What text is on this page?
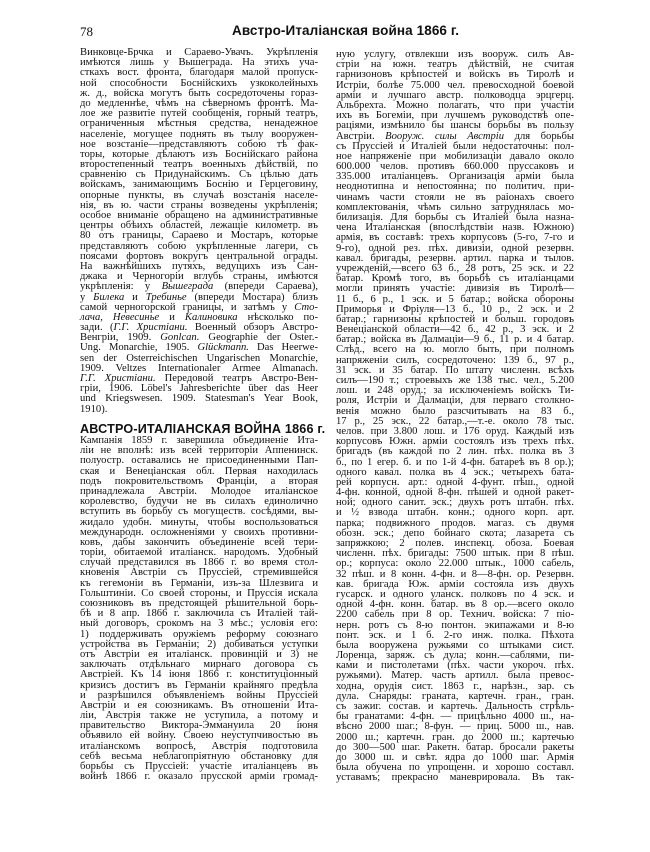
78	Австро-Италіанская война 1866 г.
Винковце-Брчка и Сараево-Увачъ. Укрѣпленія
имѣются лишь у Вышеграда. На этихъ уча-
сткахъ вост. фронта, благодаря малой пропуск-
ной способности Боснійскихъ узкоколейныхъ
ж. д., войска могутъ быть сосредоточены гораз-
до медленнѣе, чѣмъ на сѣверномъ фронтѣ. Ма-
лое же развитіе путей сообщенія, горный театръ,
ограниченныя мѣстныя средства, ненадежное
населеніе, могущее поднять въ тылу вооружен-
ное возстаніе—представляютъ собою тѣ фак-
торы, которые дѣлаютъ изъ Боснійскаго района
второстепенный театръ военныхъ дѣйствій, по
сравненію съ Придунайскимъ. Съ цѣлью дать
войскамъ, занимающимъ Боснію и Герцеговину,
опорные пункты, въ случаѣ возстанія населе-
нія, въ ю. части страны возведены укрѣпленія;
особое вниманіе обращено на административные
центры обѣихъ областей, лежащіе километр. въ
80 отъ границы, Сараево и Мостаръ, которые
представляютъ собою укрѣпленные лагери, съ
поясами фортовъ вокругъ центральной ограды.
На важнѣйшихъ путяхъ, ведущихъ изъ Сан-
джака и Черногоріи вглубь страны, имѣются
укрѣпленія: у Вышеграда (впереди Сараева),
у Билека и Требинье (впереди Мостара) близъ
самой черногорской границы, и затѣмъ у Сто-
лача, Невесинье и Калиновика нѣсколько по-
зади. (Г.Г. Христіани. Военный обзоръ Австро-
Венгріи, 1909. Gonlcan. Geographie der Oster.-
Ung. Monarchie, 1905. Glückmann. Das Heerwe-
sen der Osterreichischen Ungarischen Monarchie,
1909. Veltzes Internationaler Armee Almanach.
Г.Г. Христіани. Передовой театръ Австро-Вен-
гріи, 1906. Löbel's Jahresberichte über das Heer
und Kriegswesen. 1909. Statesman's Year Book,
1910).
АВСТРО-ИТАЛІАНСКАЯ ВОЙНА 1866 г.
Кампанія 1859 г. завершила объединеніе Ита-
ліи не вполнѣ: изъ всей территоріи Аппенинск.
полуостр. оставались не присоединенными Пап-
ская и Венеціанская обл. Первая находилась
подъ покровительствомъ Франціи, а вторая
принадлежала Австріи. Молодое италіанское
королевство, будучи не въ силахъ единолично
вступить въ борьбу съ могуществ. сосѣдями, вы-
жидало удобн. минуты, чтобы воспользоваться
международн. осложненіями у своихъ противни-
ковъ, дабы закончить объединеніе всей тери-
торіи, обитаемой италіанск. народомъ. Удобный
случай представился въ 1866 г. во время стол-
кновенія Австріи съ Пруссіей, стремившейся
къ гегемоніи въ Германіи, изъ-за Шлезвига и
Гольштиніи. Со своей стороны, и Пруссія искала
союзниковъ въ предстоящей рѣшительной борь-
бѣ и 8 апр. 1866 г. заключила съ Италіей тай-
ный договоръ, срокомъ на 3 мѣс.; условія его:
1) поддерживать оружіемъ реформу союзнаго
устройства въ Германіи; 2) добиваться уступки
отъ Австріи ея италіанск. провинцій и 3) не
заключать отдѣльнаго мирнаго договора съ
Австріей. Къ 14 іюня 1866 г. конституціонный
кризисъ достигъ въ Германіи крайняго предѣла
и разрѣшился объявленіемъ войны Пруссіей
Австріи и ея союзникамъ. Въ отношеніи Ита-
ліи, Австрія также не уступила, а потому и
правительство Виктора-Эммануила 20 іюня
объявило ей войну. Своею неуступчивостью въ
италіанскомъ вопросѣ, Австрія подготовила
себѣ весьма неблагопріятную обстановку для
борьбы съ Пруссіей: участіе италіанцевъ въ
войнѣ 1866 г. оказало прусской арміи громад-
ную услугу, отвлекши изъ вооруж. силъ Ав-
стріи на южн. театръ дѣйствій, не считая
гарнизоновъ крѣпостей и войскъ въ Тиролѣ и
Истріи, болѣе 75.000 чел. превосходной боевой
арміи и лучшаго австр. полководца эрцгерц.
Альбрехта. Можно полагать, что при участіи
ихъ въ Богеміи, при лучшемъ руководствѣ опе-
раціями, измѣнило бы шансы борьбы въ пользу
Австріи. Вооруж. силы Австріи для борьбы
съ Пруссіей и Италіей были недостаточны: пол-
ное напряженіе при мобилизаціи давало около
600.000 челов. противъ 660.000 пруссаковъ и
335.000 италіанцевъ. Организація арміи была
неоднотипна и непостоянна; по политич. при-
чинамъ части стояли не въ раіонахъ своего
комплектованія, чѣмъ сильно затруднялась мо-
билизація. Для борьбы съ Италіей была назна-
чена Италіанская (впослѣдствіи назв. Южною)
армія, въ составѣ: трехъ корпусовъ (5-го, 7-го и
9-го), одной рез. пѣх. дивизіи, одной резервн.
кавал. бригады, резервн. артил. парка и тылов.
учрежденій,—всего 63 б., 28 ротъ, 25 эск. и 22
батар. Кромѣ того, въ борьбѣ съ италіанцами
могли принять участіе: дивизія въ Тиролѣ—
11 б., 6 р., 1 эск. и 5 батар.; войска обороны
Приморья и Фріуля—13 б., 10 р., 2 эск. и 2
батар.; гарнизоны крѣпостей и больш. городовъ
Венеціанской области—42 б., 42 р., 3 эск. и 2
батар.; войска въ Далмаціи—9 б., 11 р. и 4 батар.
Слѣд., всего на ю. могло быть, при полномъ
напряженіи силъ, сосредоточено: 139 б., 97 р.,
31 эск. и 35 батар. По штату численн. всѣхъ
силъ—190 т.; строевыхъ же 138 тыс. чел., 5.200
лош. и 248 оруд.; за исключеніемъ войскъ Ти-
роля, Истріи и Далмаціи, для перваго столкно-
венія можно было разсчитывать на 83 б.,
17 р., 25 эск., 22 батар.,—т.-е. около 78 тыс.
челов. при 3.800 лош. и 176 оруд. Каждый изъ
корпусовъ Южн. арміи состоялъ изъ трехъ пѣх.
бригадъ (въ каждой по 2 лин. пѣх. полка въ 3
б., по 1 егер. б. и по 1-й 4-фн. батареѣ въ 8 ор.);
одного кавал. полка въ 4 эск.; четырехъ бата-
рей корпусн. арт.: одной 4-фунт. пѣш., одной
4-фн. конной, одной 8-фн. пѣшей и одной ракет-
ной; одного санит. эск.; двухъ ротъ штабн. пѣх.
и ½ взвода штабн. конн.; одного корп. арт.
парка; подвижного продов. магаз. съ двумя
обозн. эск.; депо бойнаго скота; лазарета съ
запряжкою; 2 полев. инспекц. обоза. Боевая
численн. пѣх. бригады: 7500 штык. при 8 пѣш.
ор.; корпуса: около 22.000 штык., 1000 сабель,
32 пѣш. и 8 конн. 4-фн. и 8—8-фн. ор. Резервн.
кав. бригада Юж. арміи состояла изъ двухъ
гусарск. и одного уланск. полковъ по 4 эск. и
одной 4-фн. конн. батар. въ 8 ор.—всего около
2200 сабель при 8 ор. Технич. войска: 7 піо-
нерн. ротъ съ 8-ю понтон. экипажами и 8-ю
понт. эск. и 1 б. 2-го инж. полка. Пѣхота
была вооружена ружьями со штыками сист.
Лоренца, заряж. съ дула; конн.—саблями, пи-
ками и пистолетами (пѣх. части укороч. пѣх.
ружьями). Матер. часть артилл. была превос-
ходна, орудія сист. 1863 г., нарѣзн., зар. съ
дула. Снаряды: граната, картечн. гран., гран.
съ зажиг. состав. и картечь. Дальность стрѣль-
бы гранатами: 4-фн. — прицѣльно 4000 ш., на-
вѣсно 2000 шаг.; 8-фун. — приц. 5000 ш., нав.
2000 ш.; картечн. гран. до 2000 ш.; картечью
до 300—500 шаг. Ракетн. батар. бросали ракеты
до 3000 ш. и свѣт. ядра до 1000 шаг. Армія
была обучена по упрощенн. и хорошо составл.
уставамъ; прекрасно маневрировала. Въ так-
